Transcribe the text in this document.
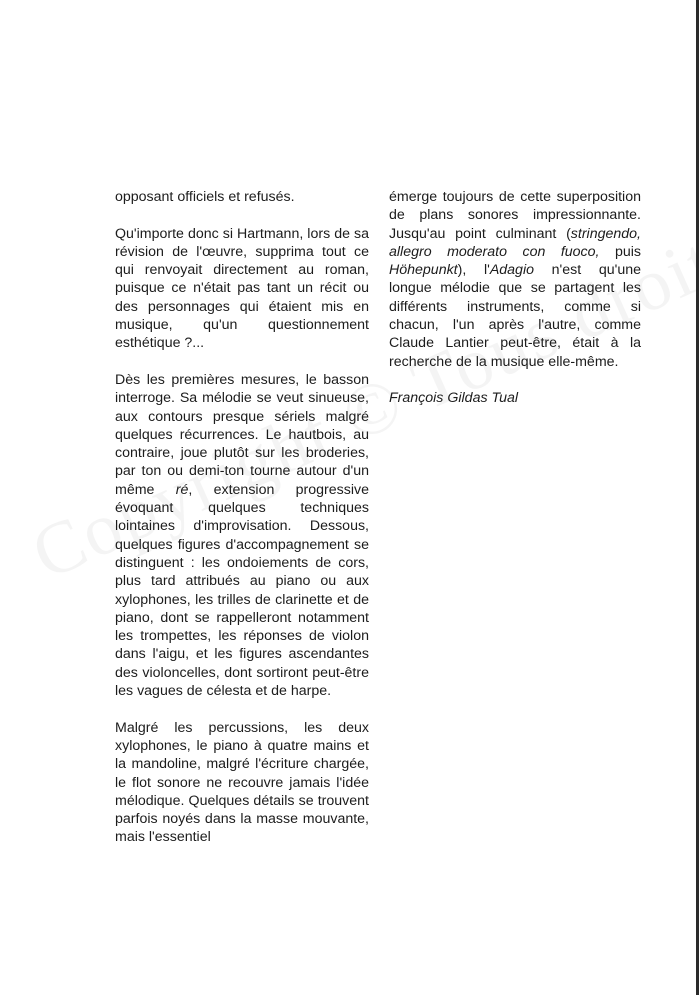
opposant officiels et refusés.

Qu'importe donc si Hartmann, lors de sa révision de l'œuvre, supprima tout ce qui renvoyait directement au roman, puisque ce n'était pas tant un récit ou des personnages qui étaient mis en musique, qu'un questionnement esthétique ?...

Dès les premières mesures, le basson interroge. Sa mélodie se veut sinueuse, aux contours presque sériels malgré quelques récurrences. Le hautbois, au contraire, joue plutôt sur les broderies, par ton ou demi-ton tourne autour d'un même ré, extension progressive évoquant quelques techniques lointaines d'improvisation. Dessous, quelques figures d'accompagnement se distinguent : les ondoiements de cors, plus tard attribués au piano ou aux xylophones, les trilles de clarinette et de piano, dont se rappelleront notamment les trompettes, les réponses de violon dans l'aigu, et les figures ascendantes des violoncelles, dont sortiront peut-être les vagues de célesta et de harpe.

Malgré les percussions, les deux xylophones, le piano à quatre mains et la mandoline, malgré l'écriture chargée, le flot sonore ne recouvre jamais l'idée mélodique. Quelques détails se trouvent parfois noyés dans la masse mouvante, mais l'essentiel

émerge toujours de cette superposition de plans sonores impressionnante. Jusqu'au point culminant (stringendo, allegro moderato con fuoco, puis Höhepunkt), l'Adagio n'est qu'une longue mélodie que se partagent les différents instruments, comme si chacun, l'un après l'autre, comme Claude Lantier peut-être, était à la recherche de la musique elle-même.

François Gildas Tual
